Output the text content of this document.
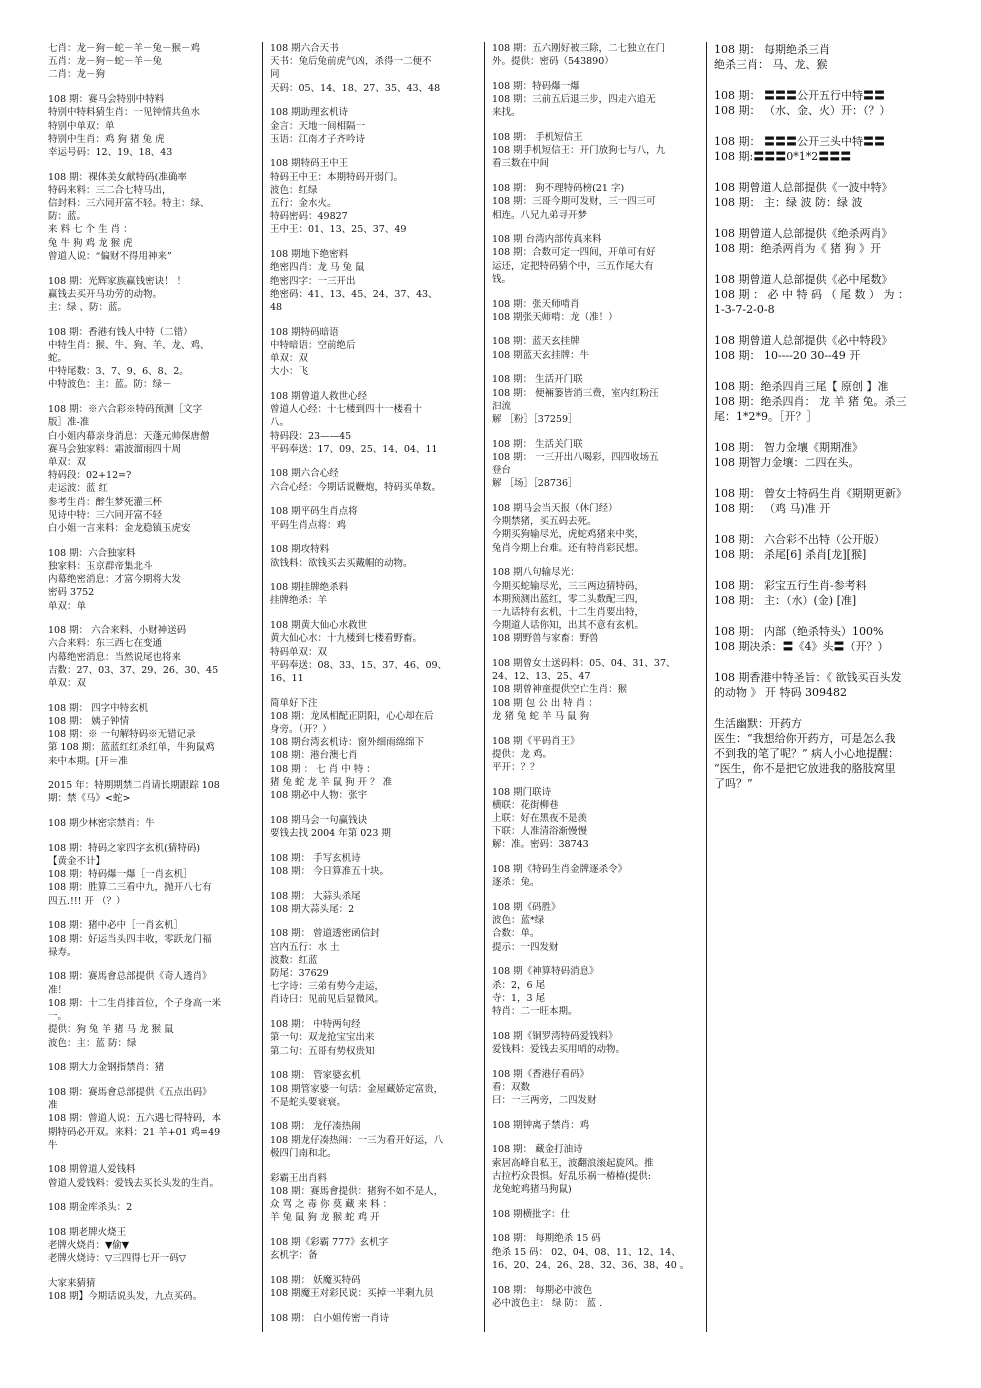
七肖：龙－狗－蛇－羊－兔－猴－鸡
五肖：龙－狗－蛇－羊－兔
二肖：龙－狗
108 期：赛马会特别中特料
特别中特料猜生肖：一见钟情共鱼水
特别中单双：单
特别中生肖：鸡 狗 猪 兔 虎
幸运号码：12、19、18、43
108 期：裸体美女献特码(准确率
特码来料：三二合七特马出，
信封料：三六同开富不轻。特主：绿、
防：蓝。
来 料 七 个 生 肖 ：
兔 牛 狗 鸡 龙 猴 虎
曾道人说：“偏财不得用神来”
108 期：光辉家族赢钱密诀！ ！
赢钱去买开马功劳的动物。
主：绿 、防：蓝。
108 期：香港有钱人中特（二错）
中特生肖：猴、牛、狗、羊、龙、鸡、
蛇。
中特尾数：3、7、9、6、8、2。
中特波色：主：蓝。防：绿－
108 期：※六合彩※特码预测［文字
版］准-准
白小姐内幕亲身消息：天蓬元帅保唐僧
赛马会独家料：霜波溜雨四十周
单双：双
特码段：02+12=?
走运波：蓝 红
参考生肖：醉生梦死灌三杯
见诗中特：三六同开富不轻
白小姐一言来料：金龙稳镇玉虎安
108 期：六合独家料
独家料：玉京群帝集北斗
内幕绝密消息：才富今期将大发
密码 3752
单双：单
108 期： 六合来料、小财神送码
六合来料：东三西七在变通
内幕绝密消息：当然说尾也将来
吉数：27、03、37、29、26、30、45
单双：双
108 期： 四字中特玄机
108 期： 姨子钟情
108 期：※ 一句解特码※无错记录
第 108 期：蓝蓝红红杀红单，牛狗鼠鸡
来中本期。[开＝准
2015 年：特期期禁二肖请长期跟踪 108
期：禁《马》<蛇>
108 期少林密宗禁肖：牛
108 期：特码之家四字玄机(猜特码)
【黄金不计】
108 期：特码爆一爆［一肖玄机］
108 期：胜算二三看中九，抛开八七有
四五.!!! 开 （？）
108 期：猪中必中［一肖玄机］
108 期：好运当头四丰收，零跃龙门福
禄寿。
108 期：赛馬會总部提供《奇人透肖》
准！
108 期：十二生肖排首位，个子身高一米
一。
提供：狗 兔 羊 猪 马 龙 猴 鼠
波色：主：蓝 防：绿
108 期大力金钢指禁肖：猪
108 期：赛馬會总部提供《五点出码》
准
108 期：曾道人说：五六遇七得特码，本
期特码必开双。来料：21 羊+01 鸡=49
牛
108 期曾道人爱钱料
曾道人爱钱料：爱钱去买长头发的生肖。
108 期金库杀头：2
108 期老牌火烧王
老牌火烧肖：▼偷▼
老牌火烧诗：▽三四得七开一码▽
大家来猜猜
108 期】今期话说头发，九点买码。
108 期六合天书
天书：兔后兔前虎气凶，杀得一二便不
同
天码：05、14、18、27、35、43、48
108 期助理玄机诗
金言：天地一间相隔一
玉语：江南才子齐吟诗
108 期特码王中王
特码王中王：本期特码开弱门。
波色：红绿
五行：金水火。
特码密码：49827
王中王：01、13、25、37、49
108 期地下绝密料
绝密四肖：龙 马 兔 鼠
绝密四字：一三开出
绝密码：41、13、45、24、37、43、
48
108 期特码暗语
中特暗语：空前绝后
单双：双
大小：飞
108 期曾道人救世心经
曾道人心经：十七楼到四十一楼看十
八。
特码段：23——45
平码奉送：17、09、25、14、04、11
108 期六合心经
六合心经：今期话说鞭炮，特码买单数。
108 期平码生肖点将
平码生肖点将：鸡
108 期攻特料
欲钱料：欲钱买去买戴帽的动物。
108 期挂牌绝杀料
挂牌绝杀：羊
108 期黄大仙心水救世
黄大仙心水：十九楼到七楼看野畜。
特码单双：双
平码奉送：08、33、15、37、46、09、
16、11
简单好下注
108 期：龙凤相配正阴阳，心心却在后
身旁。（开？）
108 期台湾玄机诗：窗外细雨绵绵下
108 期：港台澳七肖
108 期 ： 七 肖 中 特 ：
猪 兔 蛇 龙 羊 鼠 狗 开 ？ 准
108 期必中人物：张宇
108 期马会一句赢钱诀
要钱去找 2004 年第 023 期
108 期： 手写玄机诗
108 期： 今日算准五十块。
108 期： 大蒜头杀尾
108 期大蒜头尾：2
108 期： 曾道透密函信封
宫内五行：水 土
波数：红蓝
防尾：37629
七字诗：三弟有势今走运，
肖诗曰：见前见后显微风。
108 期： 中特两句经
第一句：双龙抢宝宝出来
第二句：五哥有势权贵知
108 期： 管家婆玄机
108 期管家婆一句话：金屋藏娇定富贵，
不是蛇头要衰衰。
108 期： 龙仔凑热闹
108 期龙仔凑热闹：一三为看开好运，八
极四门南和北。
彩霸王出肖料
108 期：赛馬會提供：猪狗不如不是人，
众 骂 之 毒 你 莫 藏 来 料 ：
羊 兔 鼠 狗 龙 猴 蛇 鸡 开
108 期《彩霸 777》玄机字
玄机字：备
108 期： 妖魔买特码
108 期魔王对彩民说：买掉一半剩九员
108 期： 白小姐传密一肖诗
108 期：五六刚好被三除，二七独立在门
外。提供：密码（543890）
108 期：特码爆一爆
108 期：三前五后退三步，四走六追无
来找。
108 期： 手机短信王
108 期手机短信王：开门放狗七与八，九
看三数在中间
108 期： 狗不理特码榜(21 字)
108 期：三哥今期可发财，三一四三可
相连。八兄九弟寻开梦
108 期 台湾内部传真来料
108 期：合数可定一四间，开单可有好
运还，定把特码猜个中，三五作尾大有
钱。
108 期：张天师啃肖
108 期张天师啃：龙（准！）
108 期：蓝天玄挂牌
108 期蓝天玄挂牌：牛
108 期： 生活开门联
108 期： 便裲篓皆消三费，室内红粉汪
汩流
解 ［粉］［37259］
108 期： 生活关门联
108 期： 一三开出八喝彩，四四收场五
登台
解 ［场］［28736］
108 期马会当天报（休门经）
今期禁猪，买五码去死。
今期买狗输尽光，虎蛇鸡猪来中奖，
兔肖今期上台难。还有特肖彩民想。
108 期八句输尽光：
今期买蛇输尽光，三三两边猜特码，
本期预测出蓝红，零二头数配三四，
一九话特有玄机，十二生肖要出特，
今期道人话你知，出其不意有玄机。
108 期野兽与家畜：野兽
108 期曾女士送码料：05、04、31、37、
24、12、13、25、47
108 期曾神童提供空亡生肖：猴
108 期 包 公 出 特 肖 ：
龙 猪 兔 蛇 羊 马 鼠 狗
108 期《平码肖王》
提供：龙 鸡。
平开：？？
108 期门联诗
横联：花街柳巷
上联：好在黑夜不是羡
下联：人准清浴渐慢慢
解：准。密码：38743
108 期《特码生肖金牌逐杀令》
逐杀：兔。
108 期《码胜》
波色：蓝*绿
合数：单。
提示：一四发财
108 期《神算特码消息》
杀：2，6 尾
寺：1，3 尾
特肖：二一旺本期。
108 期《铜罗湾特码爱钱料》
爱钱料：爱钱去买用哨的动物。
108 期《香港仔看码》
看：双数
曰：一三两旁，二四发财
108 期钟离子禁肖：鸡
108 期： 藏金打油诗
索居高峰自私王，波翻浪滚起旋风。推
古拉朽众畏惧。好乱乐祸一椿椿(提供:
龙兔蛇鸡猪马狗鼠)
108 期横批字：仕
108 期： 每期绝杀 15 码
绝杀 15 码： 02、04、08、11、12、14、
16、20、24、26、28、32、36、38、40 。
108 期： 每期必中波色
必中波色主： 绿 防： 蓝 .
108 期： 每期绝杀三肖
绝杀三肖： 马、龙、猴
108 期： 〓〓〓公开五行中特〓〓
108 期： （水、金、火）开：（？）
108 期： 〓〓〓公开三头中特〓〓
108 期:〓〓〓0*1*2〓〓〓
108 期曾道人总部提供《一波中特》
108 期： 主：绿 波 防：绿 波
108 期曾道人总部提供《绝杀两肖》
108 期：绝杀两肖为《 猪 狗 》开
108 期曾道人总部提供《必中尾数》
108 期 ： 必 中 特 码 （ 尾 数 ） 为 ：
1-3-7-2-0-8
108 期曾道人总部提供《必中特段》
108 期： 10----20 30--49 开
108 期：绝杀四肖三尾【 原创 】准
108 期：绝杀四肖： 龙 羊 猪 兔。杀三
尾：1*2*9。［开？］
108 期： 智力金壤《期期准》
108 期智力金壤：二四在头。
108 期： 曾女士特码生肖《期期更新》
108 期： （鸡 马)准 开
108 期： 六合彩不出特（公开版）
108 期： 杀尾[6] 杀肖[龙][猴]
108 期： 彩宝五行生肖-参考料
108 期： 主：（水）(金) [准]
108 期： 内部（绝杀特头）100%
108 期决杀：〓《4》头〓（开？）
108 期香港中特圣旨：《 欲钱买百头发
的动物 》 开 特码 309482
生活幽默：开药方
医生：“我想给你开药方，可是怎么我
不到我的笔了呢？” 病人小心地提醒：
“医生，你不是把它放进我的胳肢窝里
了吗？”
